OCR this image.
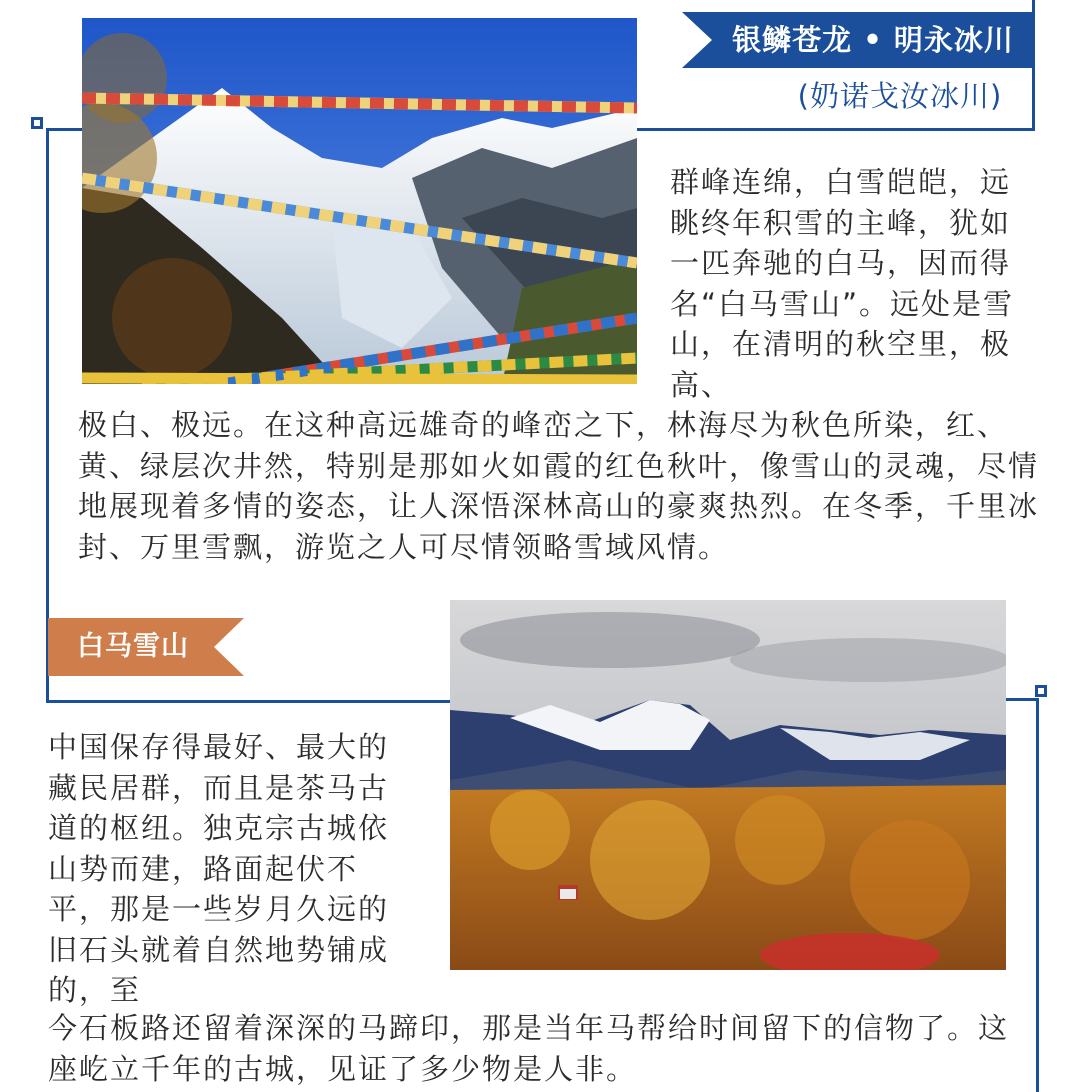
银鳞苍龙 • 明永冰川
(奶诺戈汝冰川)

群峰连绵，白雪皑皑，远眺终年积雪的主峰，犹如一匹奔驰的白马，因而得名“白马雪山”。远处是雪山，在清明的秋空里，极高、

极白、极远。在这种高远雄奇的峰峦之下，林海尽为秋色所染，红、黄、绿层次井然，特别是那如火如霞的红色秋叶，像雪山的灵魂，尽情地展现着多情的姿态，让人深悟深林高山的豪爽热烈。在冬季，千里冰封、万里雪飘，游览之人可尽情领略雪域风情。

白马雪山

中国保存得最好、最大的藏民居群，而且是茶马古道的枢纽。独克宗古城依山势而建，路面起伏不平，那是一些岁月久远的旧石头就着自然地势铺成的，至

今石板路还留着深深的马蹄印，那是当年马帮给时间留下的信物了。这座屹立千年的古城，见证了多少物是人非。
